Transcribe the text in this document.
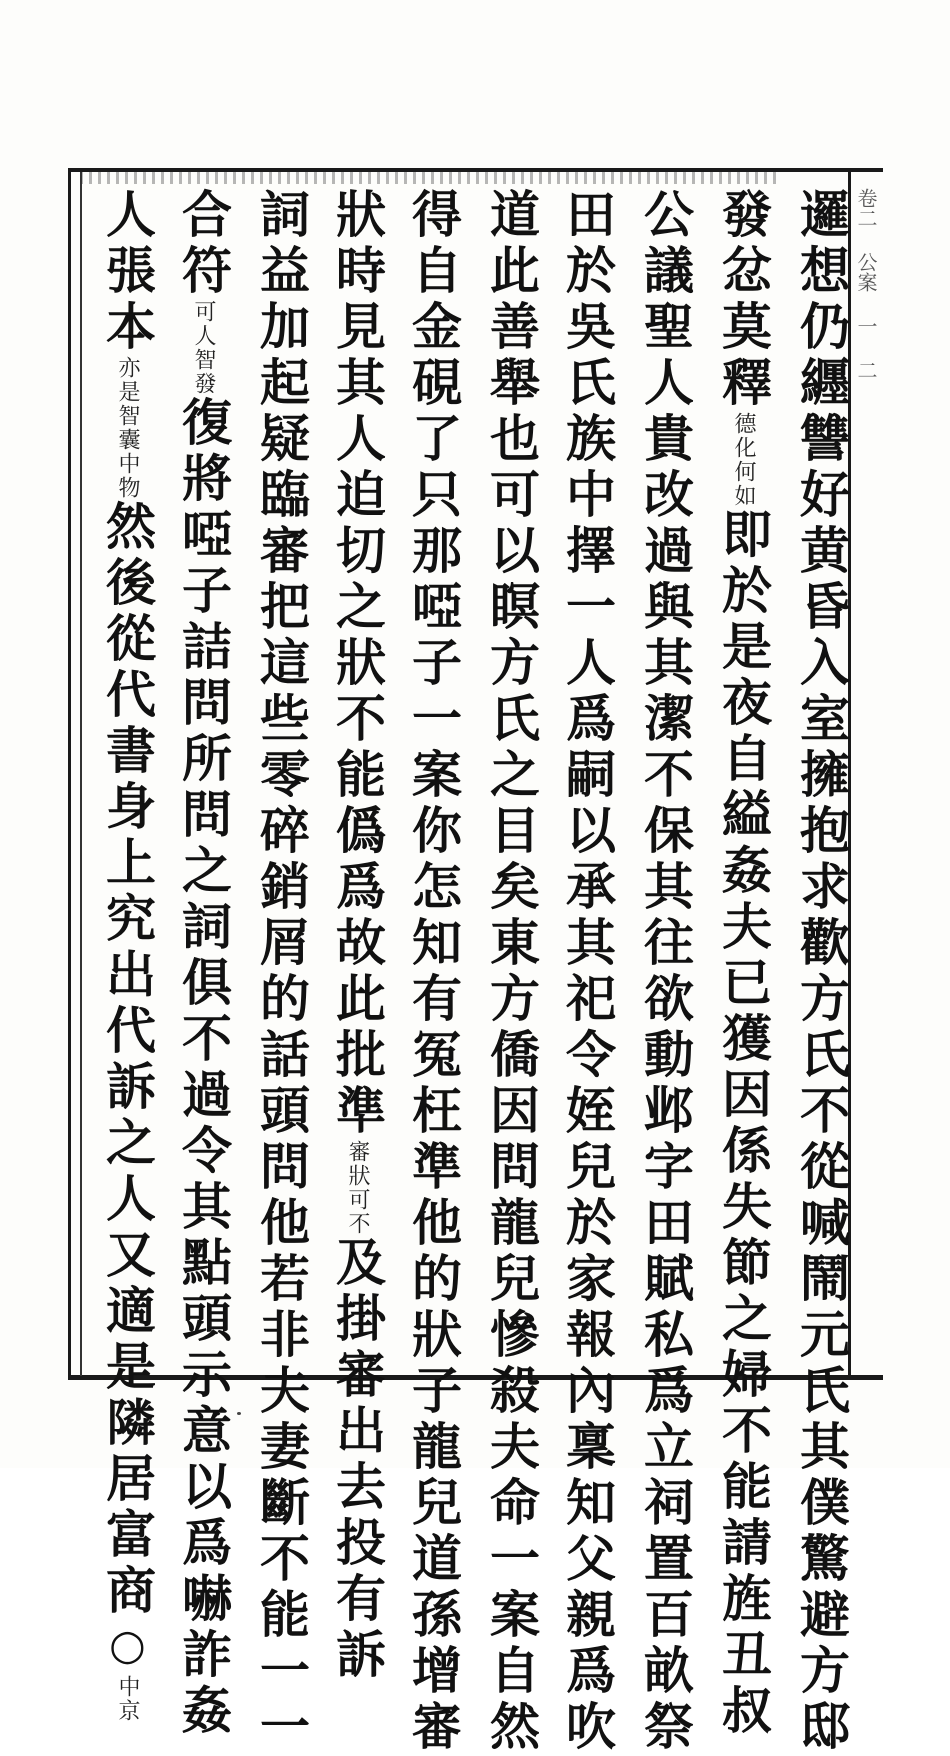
卷二 公案 一 二
邏想仍纒讐好黄昏入室擁抱求歡方氏不從喊鬧元氏其僕驚避方邸
發忿莫釋德化何如即於是夜自縊姦夫已獲因係失節之婦不能請旌丑叔
公議聖人貴改過與其潔不保其往欲動邺字田賦私爲立祠置百畝祭
田於吳氏族中擇一人爲嗣以承其祀令姪兒於家報內稟知父親爲吹
道此善舉也可以瞑方氏之目矣東方僑因問龍兒慘殺夫命一案自然
得自金硯了只那啞子一案你怎知有冤枉準他的狀子龍兒道孫增審
狀時見其人迫切之狀不能僞爲故此批準審狀可不及掛審出去投有訴
詞益加起疑臨審把這些零碎銷屑的話頭問他若非夫妻斷不能一一
合符可人智發復將啞子詰問所問之詞俱不過令其點頭示意以爲嚇詐姦
人張本亦是智囊中物然後從代書身上究出代訴之人又適是隣居富商○中京
